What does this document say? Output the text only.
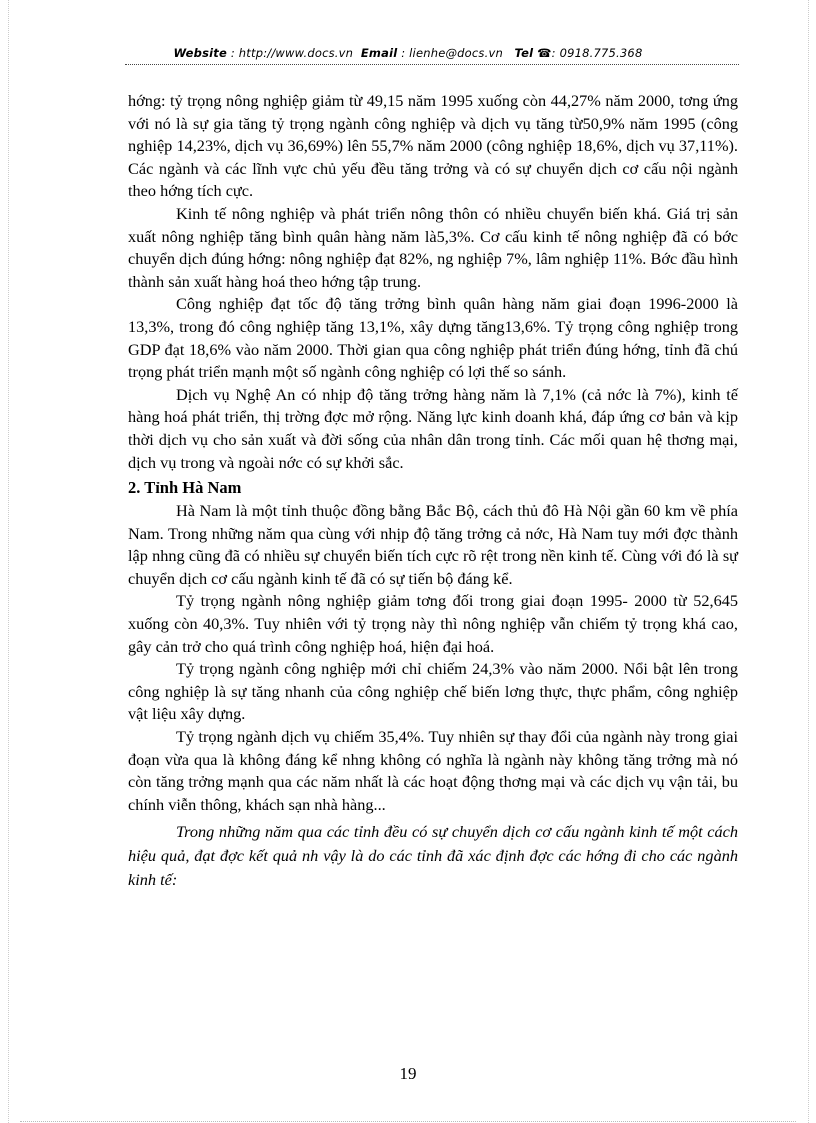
Website : http://www.docs.vn Email : lienhe@docs.vn Tel ☎: 0918.775.368

hớng: tỷ trọng nông nghiệp giảm từ 49,15 năm 1995 xuống còn 44,27% năm 2000, tơng ứng với nó là sự gia tăng tỷ trọng ngành công nghiệp và dịch vụ tăng từ50,9% năm 1995 (công nghiệp 14,23%, dịch vụ 36,69%) lên 55,7% năm 2000 (công nghiệp 18,6%, dịch vụ 37,11%). Các ngành và các lĩnh vực chủ yếu đều tăng trởng và có sự chuyển dịch cơ cấu nội ngành theo hớng tích cực.

Kinh tế nông nghiệp và phát triển nông thôn có nhiều chuyển biến khá. Giá trị sản xuất nông nghiệp tăng bình quân hàng năm là5,3%. Cơ cấu kinh tế nông nghiệp đã có bớc chuyển dịch đúng hớng: nông nghiệp đạt 82%, ng nghiệp 7%, lâm nghiệp 11%. Bớc đầu hình thành sản xuất hàng hoá theo hớng tập trung.

Công nghiệp đạt tốc độ tăng trởng bình quân hàng năm giai đoạn 1996-2000 là 13,3%, trong đó công nghiệp tăng 13,1%, xây dựng tăng13,6%. Tỷ trọng công nghiệp trong GDP đạt 18,6% vào năm 2000. Thời gian qua công nghiệp phát triển đúng hớng, tỉnh đã chú trọng phát triển mạnh một số ngành công nghiệp có lợi thế so sánh.

Dịch vụ Nghệ An có nhịp độ tăng trởng hàng năm là 7,1% (cả nớc là 7%), kinh tế hàng hoá phát triển, thị trờng đợc mở rộng. Năng lực kinh doanh khá, đáp ứng cơ bản và kịp thời dịch vụ cho sản xuất và đời sống của nhân dân trong tỉnh. Các mối quan hệ thơng mại, dịch vụ trong và ngoài nớc có sự khởi sắc.

2. Tỉnh Hà Nam

Hà Nam là một tỉnh thuộc đồng bằng Bắc Bộ, cách thủ đô Hà Nội gần 60 km về phía Nam. Trong những năm qua cùng với nhịp độ tăng trởng cả nớc, Hà Nam tuy mới đợc thành lập nhng cũng đã có nhiều sự chuyển biến tích cực rõ rệt trong nền kinh tế. Cùng với đó là sự chuyển dịch cơ cấu ngành kinh tế đã có sự tiến bộ đáng kể.

Tỷ trọng ngành nông nghiệp giảm tơng đối trong giai đoạn 1995- 2000 từ 52,645 xuống còn 40,3%. Tuy nhiên với tỷ trọng này thì nông nghiệp vẫn chiếm tỷ trọng khá cao, gây cản trở cho quá trình công nghiệp hoá, hiện đại hoá.

Tỷ trọng ngành công nghiệp mới chỉ chiếm 24,3% vào năm 2000. Nổi bật lên trong công nghiệp là sự tăng nhanh của công nghiệp chế biến lơng thực, thực phẩm, công nghiệp vật liệu xây dựng.

Tỷ trọng ngành dịch vụ chiếm 35,4%. Tuy nhiên sự thay đổi của ngành này trong giai đoạn vừa qua là không đáng kể nhng không có nghĩa là ngành này không tăng trởng mà nó còn tăng trởng mạnh qua các năm nhất là các hoạt động thơng mại và các dịch vụ vận tải, bu chính viễn thông, khách sạn nhà hàng...

Trong những năm qua các tỉnh đều có sự chuyển dịch cơ cấu ngành kinh tế một cách hiệu quả, đạt đợc kết quả nh vậy là do các tỉnh đã xác định đợc các hớng đi cho các ngành kinh tế:

19
